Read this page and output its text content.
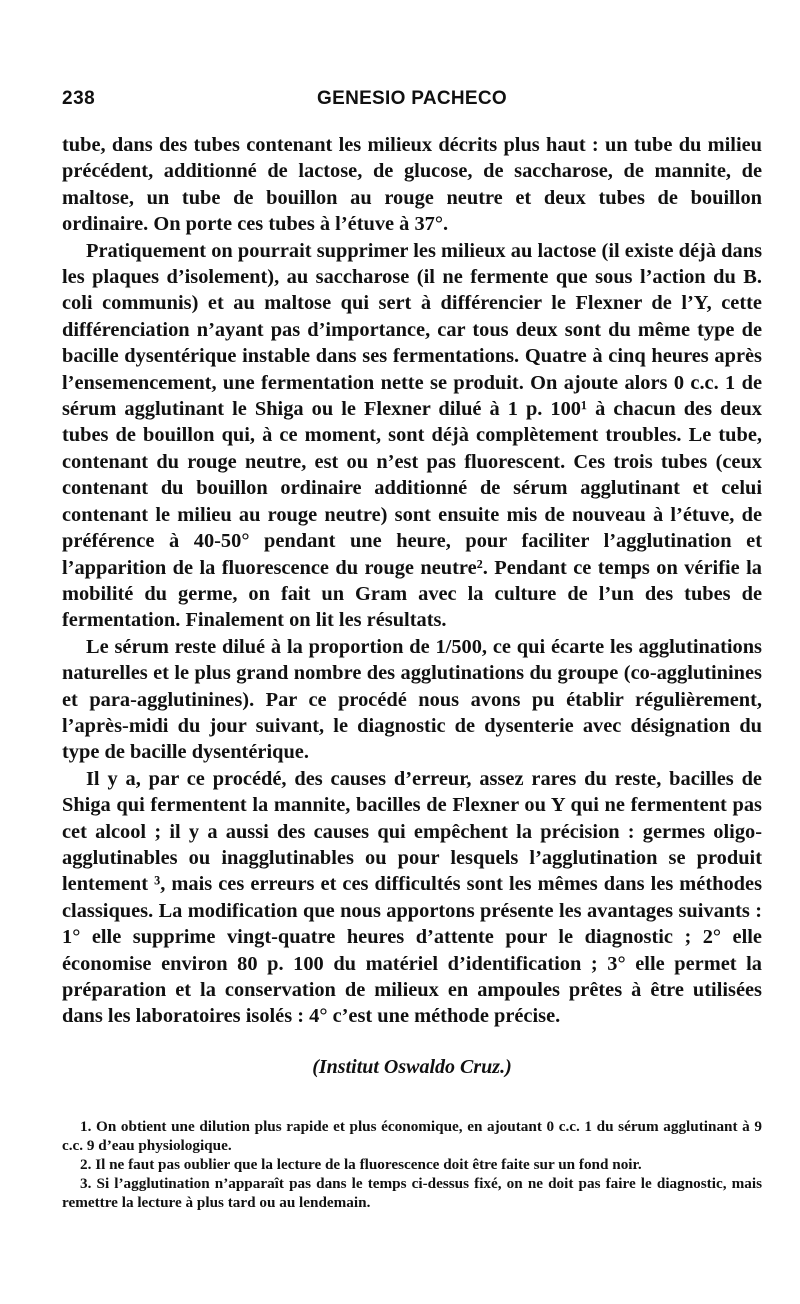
238	GENESIO PACHECO

tube, dans des tubes contenant les milieux décrits plus haut : un tube du milieu précédent, additionné de lactose, de glucose, de saccharose, de mannite, de maltose, un tube de bouillon au rouge neutre et deux tubes de bouillon ordinaire. On porte ces tubes à l’étuve à 37°.

Pratiquement on pourrait supprimer les milieux au lactose (il existe déjà dans les plaques d’isolement), au saccharose (il ne fermente que sous l’action du B. coli communis) et au maltose qui sert à différencier le Flexner de l’Y, cette différenciation n’ayant pas d’importance, car tous deux sont du même type de bacille dysentérique instable dans ses fermentations. Quatre à cinq heures après l’ensemencement, une fermentation nette se produit. On ajoute alors 0 c.c. 1 de sérum agglutinant le Shiga ou le Flexner dilué à 1 p. 100¹ à chacun des deux tubes de bouillon qui, à ce moment, sont déjà complètement troubles. Le tube, contenant du rouge neutre, est ou n’est pas fluorescent. Ces trois tubes (ceux contenant du bouillon ordinaire additionné de sérum agglutinant et celui contenant le milieu au rouge neutre) sont ensuite mis de nouveau à l’étuve, de préférence à 40-50° pendant une heure, pour faciliter l’agglutination et l’apparition de la fluorescence du rouge neutre². Pendant ce temps on vérifie la mobilité du germe, on fait un Gram avec la culture de l’un des tubes de fermentation. Finalement on lit les résultats.

Le sérum reste dilué à la proportion de 1/500, ce qui écarte les agglutinations naturelles et le plus grand nombre des agglutinations du groupe (co-agglutinines et para-agglutinines). Par ce procédé nous avons pu établir régulièrement, l’après-midi du jour suivant, le diagnostic de dysenterie avec désignation du type de bacille dysentérique.

Il y a, par ce procédé, des causes d’erreur, assez rares du reste, bacilles de Shiga qui fermentent la mannite, bacilles de Flexner ou Y qui ne fermentent pas cet alcool ; il y a aussi des causes qui empêchent la précision : germes oligo-agglutinables ou inagglutinables ou pour lesquels l’agglutination se produit lentement ³, mais ces erreurs et ces difficultés sont les mêmes dans les méthodes classiques. La modification que nous apportons présente les avantages suivants : 1° elle supprime vingt-quatre heures d’attente pour le diagnostic ; 2° elle économise environ 80 p. 100 du matériel d’identification ; 3° elle permet la préparation et la conservation de milieux en ampoules prêtes à être utilisées dans les laboratoires isolés : 4° c’est une méthode précise.

(Institut Oswaldo Cruz.)

1. On obtient une dilution plus rapide et plus économique, en ajoutant 0 c.c. 1 du sérum agglutinant à 9 c.c. 9 d’eau physiologique.

2. Il ne faut pas oublier que la lecture de la fluorescence doit être faite sur un fond noir.

3. Si l’agglutination n’apparaît pas dans le temps ci-dessus fixé, on ne doit pas faire le diagnostic, mais remettre la lecture à plus tard ou au lendemain.
